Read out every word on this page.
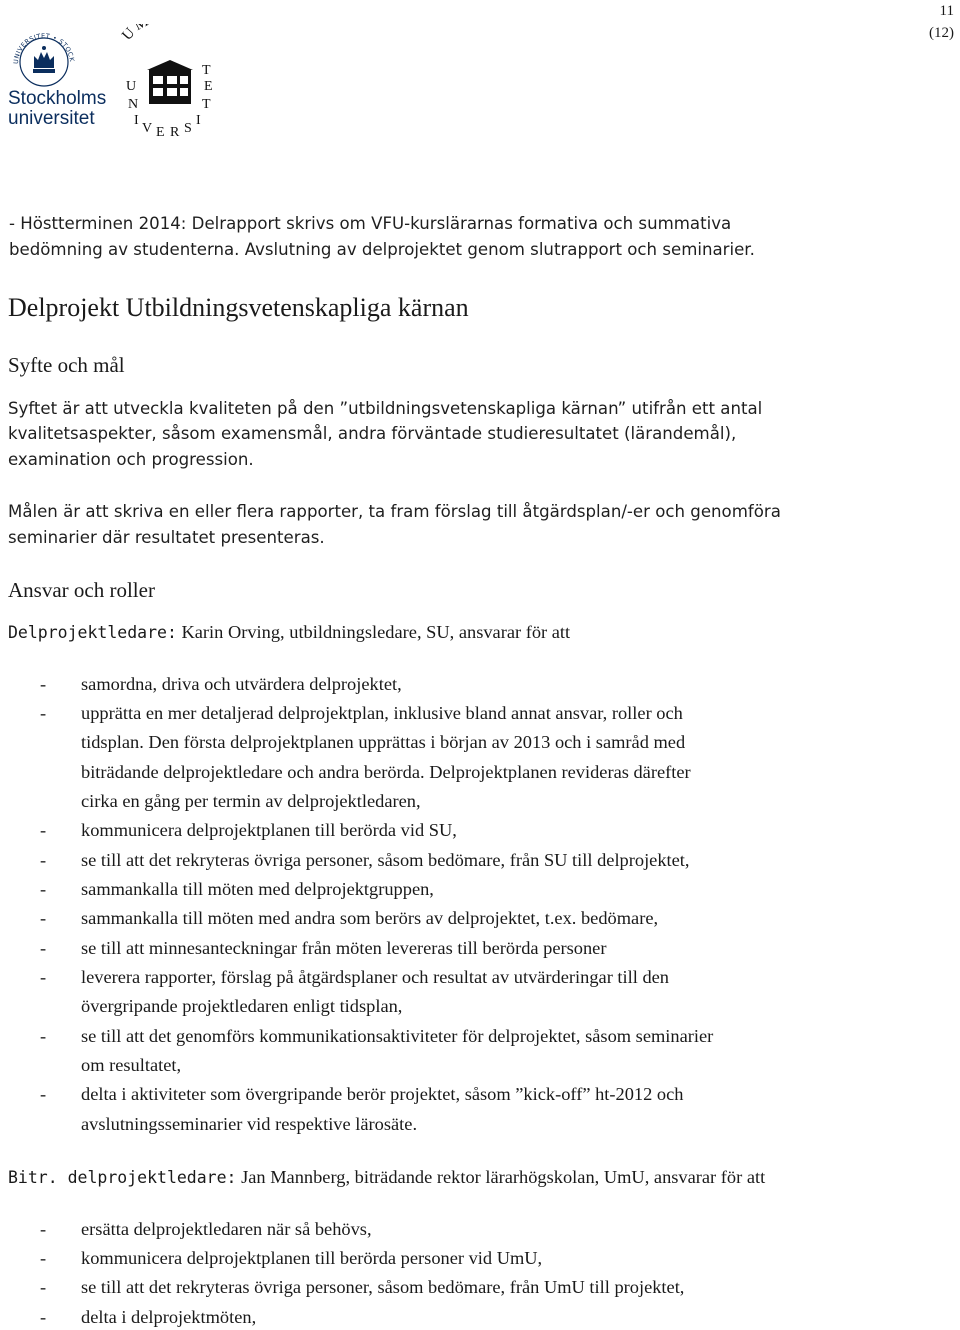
11
(12)
UNIVERSITET • STOCK
Stockholms
universitet
U
U
N
I
V E R S
I
T
E
T
- Höstterminen 2014: Delrapport skrivs om VFU-kurslärarnas formativa och summativa
bedömning av studenterna. Avslutning av delprojektet genom slutrapport och seminarier.
Delprojekt Utbildningsvetenskapliga kärnan
Syfte och mål
Syftet är att utveckla kvaliteten på den ”utbildningsvetenskapliga kärnan” utifrån ett antal
kvalitetsaspekter, såsom examensmål, andra förväntade studieresultatet (lärandemål),
examination och progression.
Målen är att skriva en eller flera rapporter, ta fram förslag till åtgärdsplan/-er och genomföra
seminarier där resultatet presenteras.
Ansvar och roller
Delprojektledare: Karin Orving, utbildningsledare, SU, ansvarar för att
- samordna, driva och utvärdera delprojektet,
- upprätta en mer detaljerad delprojektplan, inklusive bland annat ansvar, roller och
tidsplan. Den första delprojektplanen upprättas i början av 2013 och i samråd med
biträdande delprojektledare och andra berörda. Delprojektplanen revideras därefter
cirka en gång per termin av delprojektledaren,
- kommunicera delprojektplanen till berörda vid SU,
- se till att det rekryteras övriga personer, såsom bedömare, från SU till delprojektet,
- sammankalla till möten med delprojektgruppen,
- sammankalla till möten med andra som berörs av delprojektet, t.ex. bedömare,
- se till att minnesanteckningar från möten levereras till berörda personer
- leverera rapporter, förslag på åtgärdsplaner och resultat av utvärderingar till den
övergripande projektledaren enligt tidsplan,
- se till att det genomförs kommunikationsaktiviteter för delprojektet, såsom seminarier
om resultatet,
- delta i aktiviteter som övergripande berör projektet, såsom ”kick-off” ht-2012 och
avslutningsseminarier vid respektive lärosäte.
Bitr. delprojektledare: Jan Mannberg, biträdande rektor lärarhögskolan, UmU, ansvarar för att
- ersätta delprojektledaren när så behövs,
- kommunicera delprojektplanen till berörda personer vid UmU,
- se till att det rekryteras övriga personer, såsom bedömare, från UmU till projektet,
- delta i delprojektmöten,
